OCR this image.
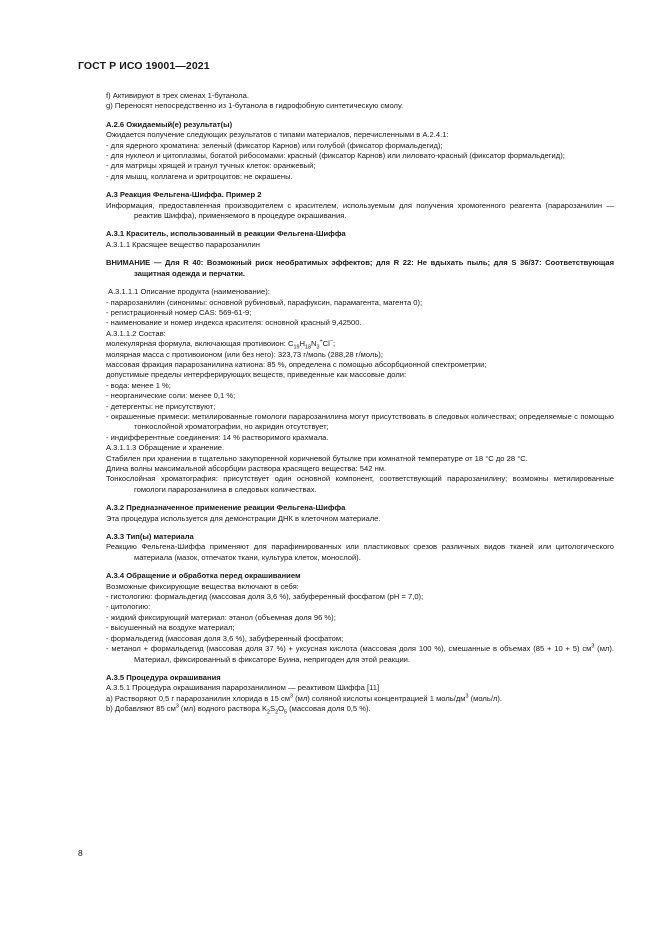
ГОСТ Р ИСО 19001—2021

f) Активируют в трех сменах 1-бутанола.

g) Переносят непосредственно из 1-бутанола в гидрофобную синтетическую смолу.

А.2.6 Ожидаемый(е) результат(ы)

Ожидается получение следующих результатов с типами материалов, перечисленными в А.2.4.1:

- для ядерного хроматина: зеленый (фиксатор Карнов) или голубой (фиксатор формальдегид);

- для нуклеол и цитоплазмы, богатой рибосомами: красный (фиксатор Карнов) или лиловато-красный (фиксатор формальдегид);

- для матрицы хрящей и гранул тучных клеток: оранжевый;

- для мышц, коллагена и эритроцитов: не окрашены.

А.3 Реакция Фельгена-Шиффа. Пример 2

Информация, предоставленная производителем с красителем, используемым для получения хромогенного реагента (парарозанилин — реактив Шиффа), применяемого в процедуре окрашивания.

А.3.1 Краситель, использованный в реакции Фельгена-Шиффа

А.3.1.1 Красящее вещество парарозанилин

ВНИМАНИЕ — Для R 40: Возможный риск необратимых эффектов; для R 22: Не вдыхать пыль; для S 36/37: Соответствующая защитная одежда и перчатки.

А.3.1.1.1 Описание продукта (наименование):

- парарозанилин (синонимы: основной рубиновый, парафуксин, парамагента, магента 0);

- регистрационный номер CAS: 569-61-9;

- наименование и номер индекса красителя: основной красный 9,42500.

А.3.1.1.2 Состав:

молекулярная формула, включающая противоион: $C_{19}H_{18}N_3^+Cl^-$;

молярная масса с противоионом (или без него): 323,73 г/моль (288,28 г/моль);

массовая фракция парарозанилина катиона: 85 %, определена с помощью абсорбционной спектрометрии;

допустимые пределы интерферирующих веществ, приведенные как массовые доли:

- вода: менее 1 %;

- неорганические соли: менее 0,1 %;

- детергенты: не присутствуют;

- окрашенные примеси: метилированные гомологи парарозанилина могут присутствовать в следовых количествах; определяемые с помощью тонкослойной хроматографии, но акридин отсутствует;

- индифферентные соединения: 14 % растворимого крахмала.

А.3.1.1.3 Обращение и хранение.

Стабилен при хранении в тщательно закупоренной коричневой бутылке при комнатной температуре от 18 °C до 28 °C.

Длина волны максимальной абсорбции раствора красящего вещества: 542 нм.

Тонкослойная хроматография: присутствует один основной компонент, соответствующий парарозанилину; возможны метилированные гомологи парарозанилина в следовых количествах.

А.3.2 Предназначенное применение реакции Фельгена-Шиффа

Эта процедура используется для демонстрации ДНК в клеточном материале.

А.3.3 Тип(ы) материала

Реакцию Фельгена-Шиффа применяют для парафинированных или пластиковых срезов различных видов тканей или цитологического материала (мазок, отпечаток ткани, культура клеток, монослой).

А.3.4 Обращение и обработка перед окрашиванием

Возможные фиксирующие вещества включают в себя:

- гистологию: формальдегид (массовая доля 3,6 %), забуференный фосфатом (pH = 7,0);

- цитологию:

- жидкий фиксирующий материал: этанол (объемная доля 96 %);

- высушенный на воздухе материал;

- формальдегид (массовая доля 3,6 %), забуференный фосфатом;

- метанол + формальдегид (массовая доля 37 %) + уксусная кислота (массовая доля 100 %), смешанные в объемах (85 + 10 + 5) $см^3$ (мл). Материал, фиксированный в фиксаторе Буина, непригоден для этой реакции.

А.3.5 Процедура окрашивания

А.3.5.1 Процедура окрашивания парарозанилином — реактивом Шиффа [11]

a) Растворяют 0,5 г парарозанилин хлорида в 15 $см^3$ (мл) соляной кислоты концентрацией 1 моль/$дм^3$ (моль/л).

b) Добавляют 85 $см^3$ (мл) водного раствора $K_2S_2O_5$ (массовая доля 0,5 %).

8
